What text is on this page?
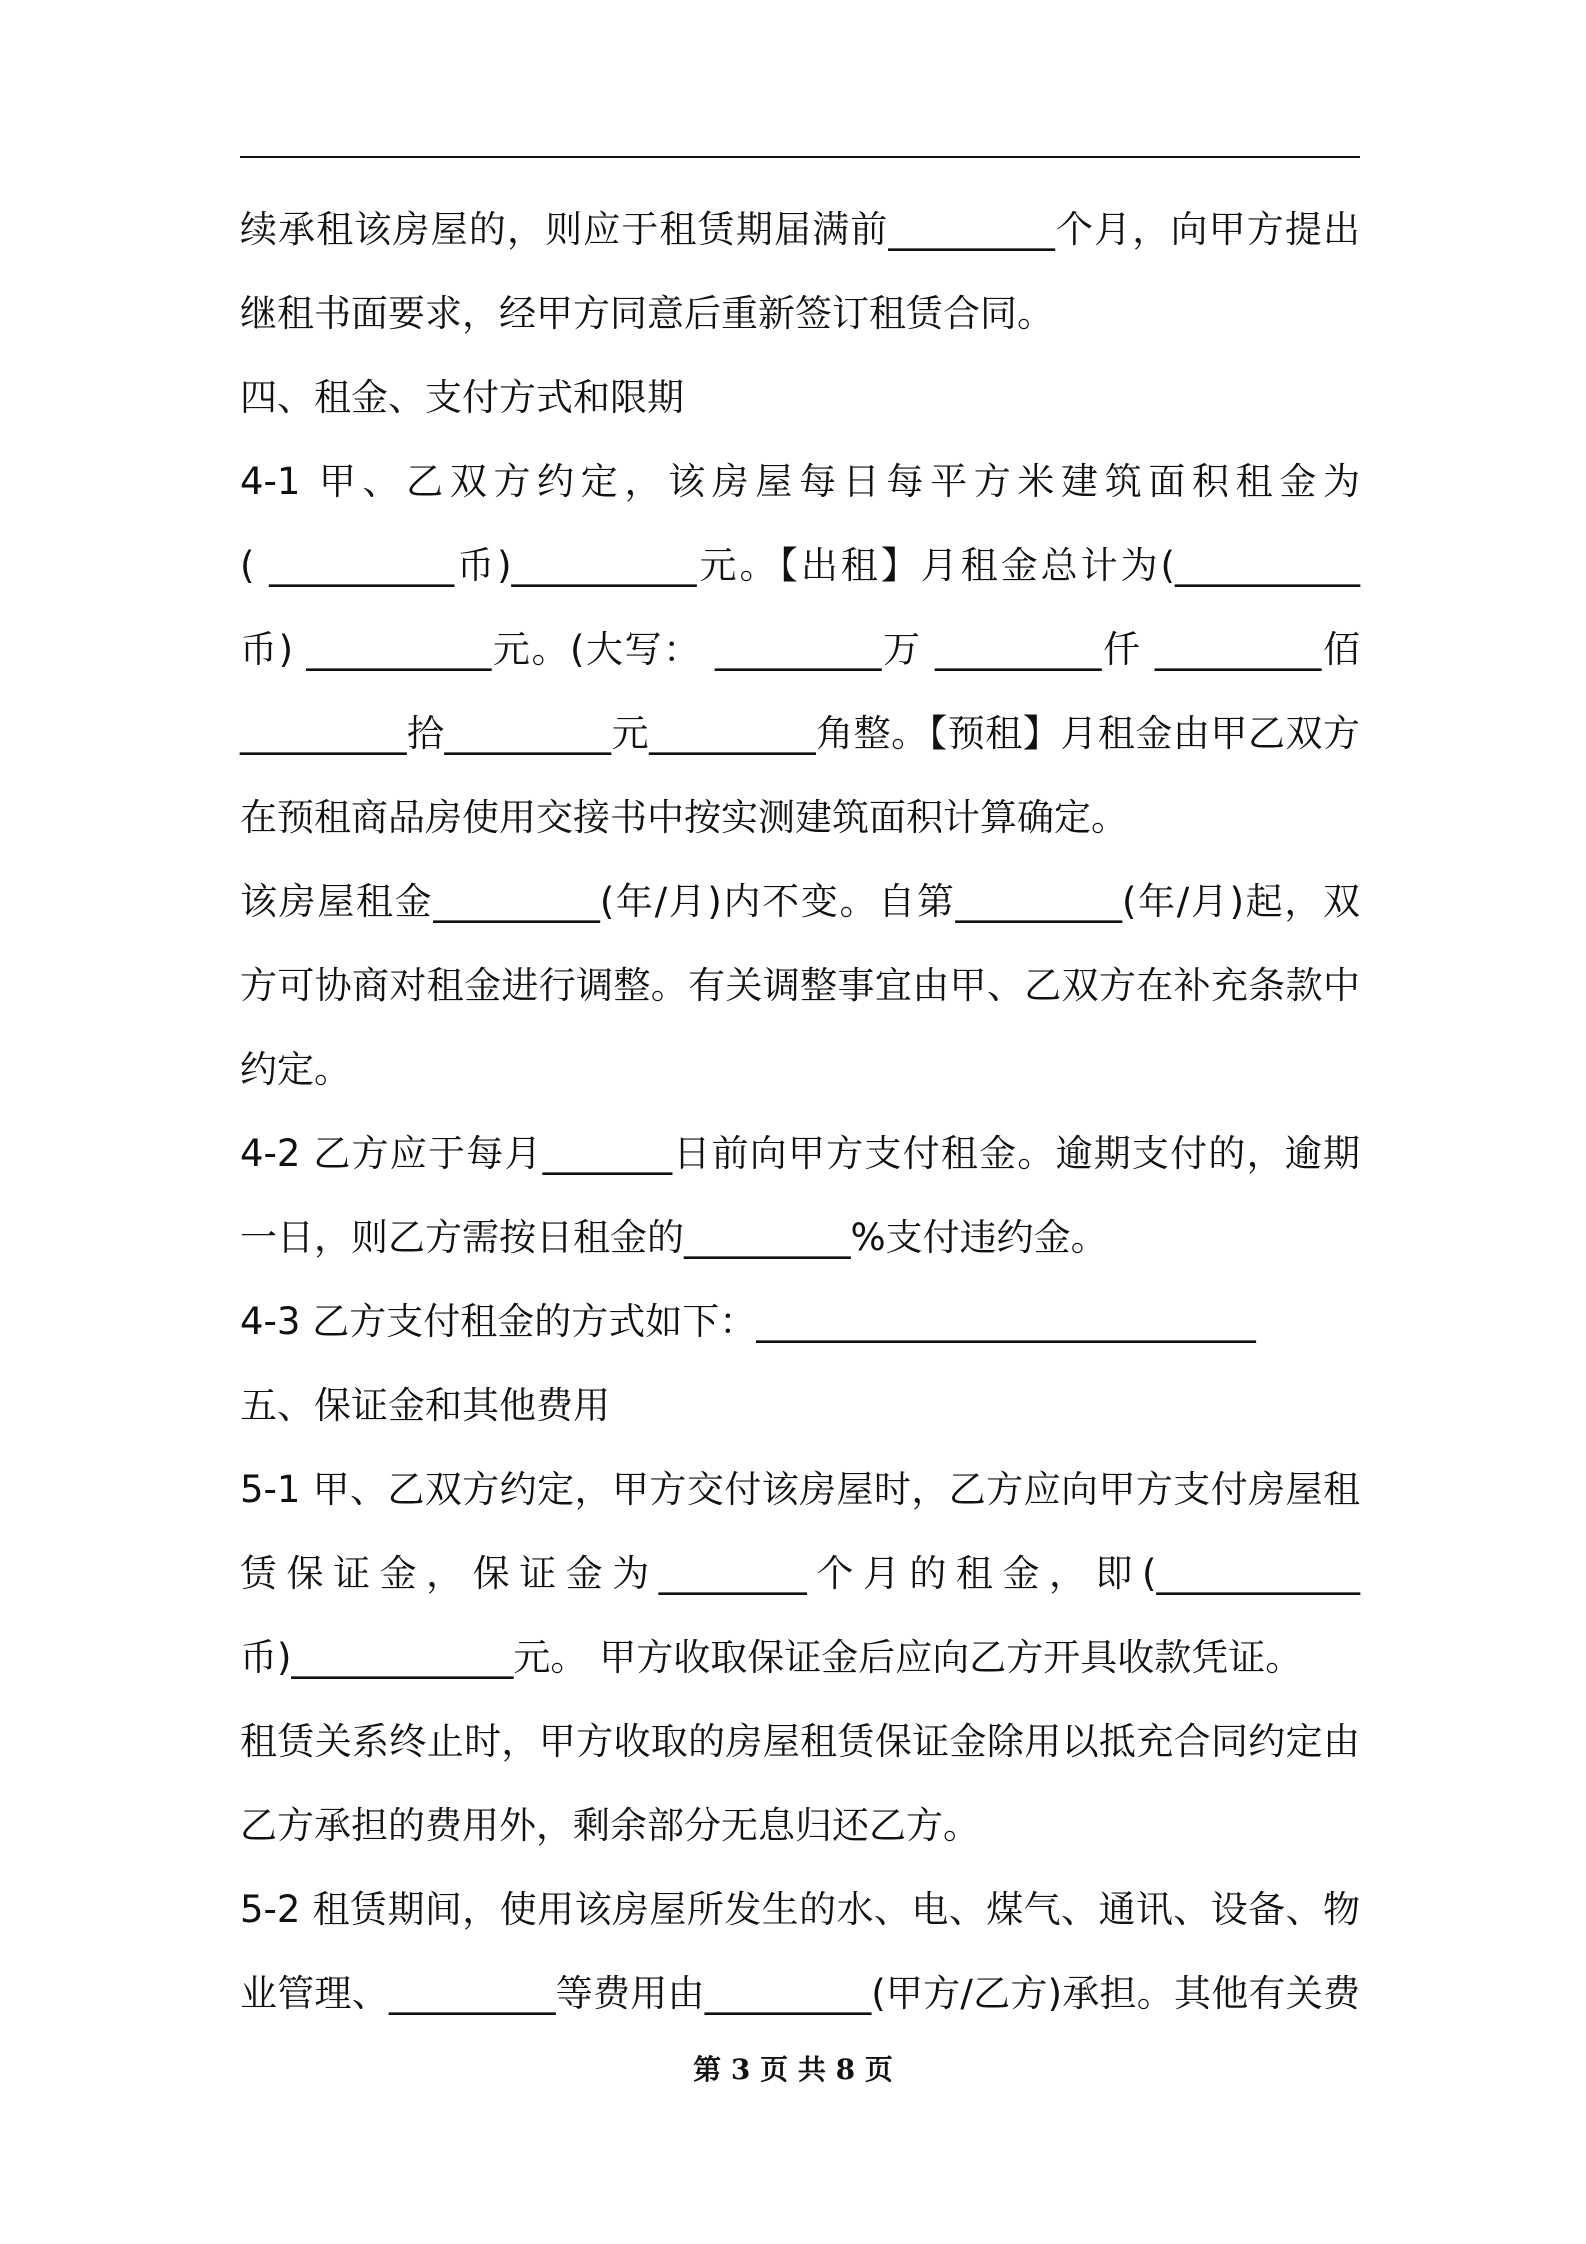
续承租该房屋的，则应于租赁期届满前_________个月，向甲方提出
继租书面要求，经甲方同意后重新签订租赁合同。
四、租金、支付方式和限期
4-1 甲、乙双方约定，该房屋每日每平方米建筑面积租金为
( __________币)__________元。【出租】月租金总计为(__________
币) __________元。(大写： _________万 _________仟 _________佰
_________拾_________元_________角整。【预租】月租金由甲乙双方
在预租商品房使用交接书中按实测建筑面积计算确定。
该房屋租金_________(年/月)内不变。自第_________(年/月)起，双
方可协商对租金进行调整。有关调整事宜由甲、乙双方在补充条款中
约定。
4-2 乙方应于每月_______日前向甲方支付租金。逾期支付的，逾期
一日，则乙方需按日租金的_________%支付违约金。
4-3 乙方支付租金的方式如下：___________________________
五、保证金和其他费用
5-1 甲、乙双方约定，甲方交付该房屋时，乙方应向甲方支付房屋租
赁保证金，保证金为________个月的租金，即(___________
币)____________元。 甲方收取保证金后应向乙方开具收款凭证。
租赁关系终止时，甲方收取的房屋租赁保证金除用以抵充合同约定由
乙方承担的费用外，剩余部分无息归还乙方。
5-2 租赁期间，使用该房屋所发生的水、电、煤气、通讯、设备、物
业管理、_________等费用由_________(甲方/乙方)承担。其他有关费
第 3 页 共 8 页
